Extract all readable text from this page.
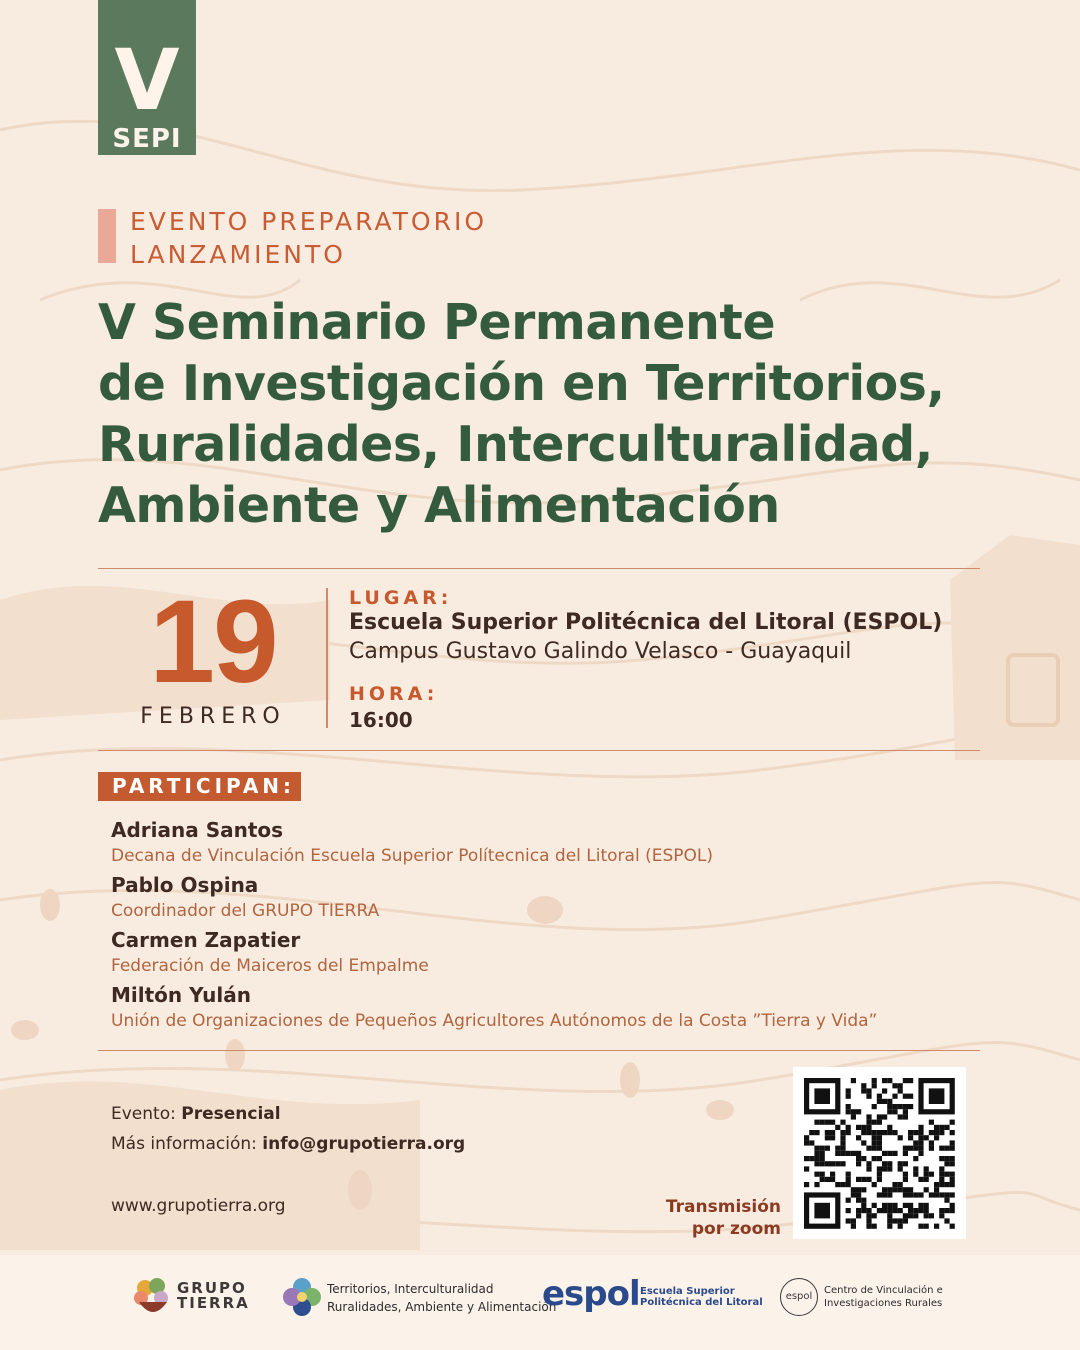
V
SEPI
EVENTO PREPARATORIO
LANZAMIENTO
V Seminario Permanente
de Investigación en Territorios,
Ruralidades, Interculturalidad,
Ambiente y Alimentación
19
FEBRERO
LUGAR:
Escuela Superior Politécnica del Litoral (ESPOL)
Campus Gustavo Galindo Velasco - Guayaquil
HORA:
16:00
PARTICIPAN:
Adriana Santos
Decana de Vinculación Escuela Superior Polítecnica del Litoral (ESPOL)
Pablo Ospina
Coordinador del GRUPO TIERRA
Carmen Zapatier
Federación de Maiceros del Empalme
Miltón Yulán
Unión de Organizaciones de Pequeños Agricultores Autónomos de la Costa ”Tierra y Vida”
Evento: Presencial
Más información: info@grupotierra.org
www.grupotierra.org	Transmisión
por zoom
GRUPO
TIERRA
Territorios, Interculturalidad
Ruralidades, Ambiente y Alimentación
espol Escuela Superior
Politécnica del Litoral
espol
Centro de Vinculación e
Investigaciones Rurales
